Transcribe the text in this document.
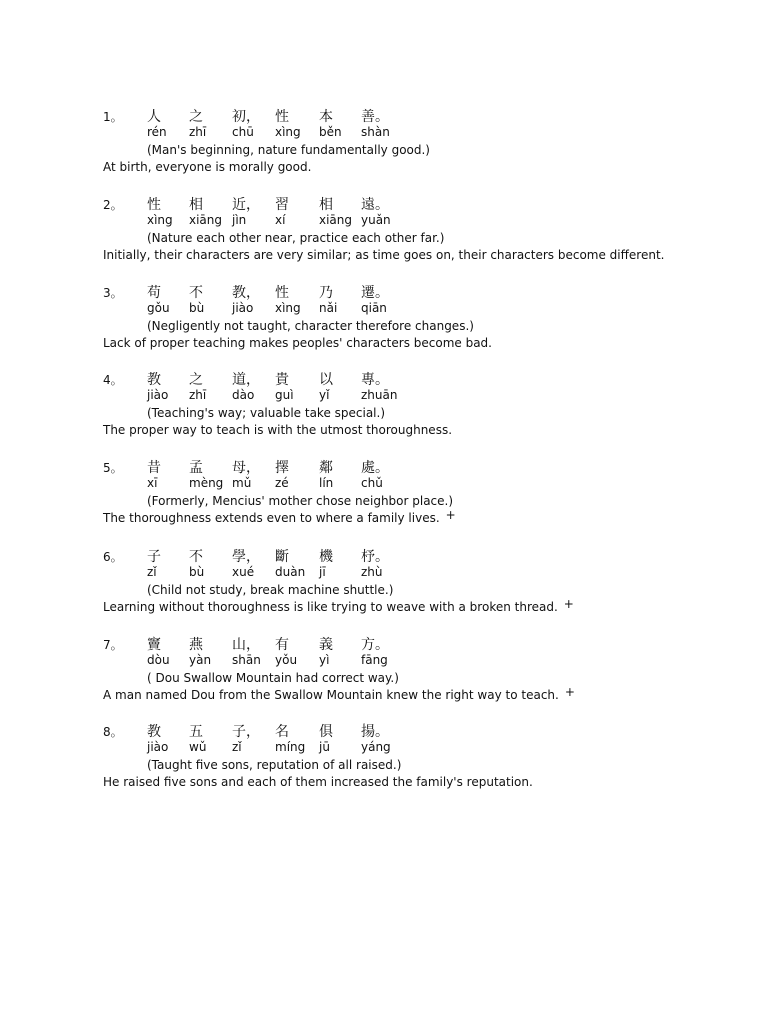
1。 人 之 初， 性 本 善。
rén zhī chū xìng běn shàn
(Man's beginning, nature fundamentally good.)
At birth, everyone is morally good.
2。 性 相 近， 習 相 遠。
xìng xiāng jìn xí	xiāng yuǎn
(Nature each other near, practice each other far.)
Initially, their characters are very similar; as time goes on, their characters become different.
3。 苟 不 教， 性 乃 遷。
gǒu bù jiào xìng nǎi qiān
(Negligently not taught, character therefore changes.)
Lack of proper teaching makes peoples' characters become bad.
4。 教 之 道， 貴 以 專。
jiào zhī dào guì yǐ	zhuān
(Teaching's way; valuable take special.)
The proper way to teach is with the utmost thoroughness.
5。 昔 孟 母， 擇 鄰 處。
xī	mèng mǔ zé	lín chǔ
(Formerly, Mencius' mother chose neighbor place.)
The thoroughness extends even to where a family lives. +
6。 子 不 學， 斷 機 杼。
zǐ	bù xué duàn jī	zhù
(Child not study, break machine shuttle.)
Learning without thoroughness is like trying to weave with a broken thread. +
7。 竇 燕 山， 有 義 方。
dòu yàn shān yǒu yì	fāng
( Dou Swallow Mountain had correct way.)
A man named Dou from the Swallow Mountain knew the right way to teach. +
8。 教 五 子， 名 俱 揚。
jiào wǔ zǐ	míng jū	yáng
(Taught five sons, reputation of all raised.)
He raised five sons and each of them increased the family's reputation.
